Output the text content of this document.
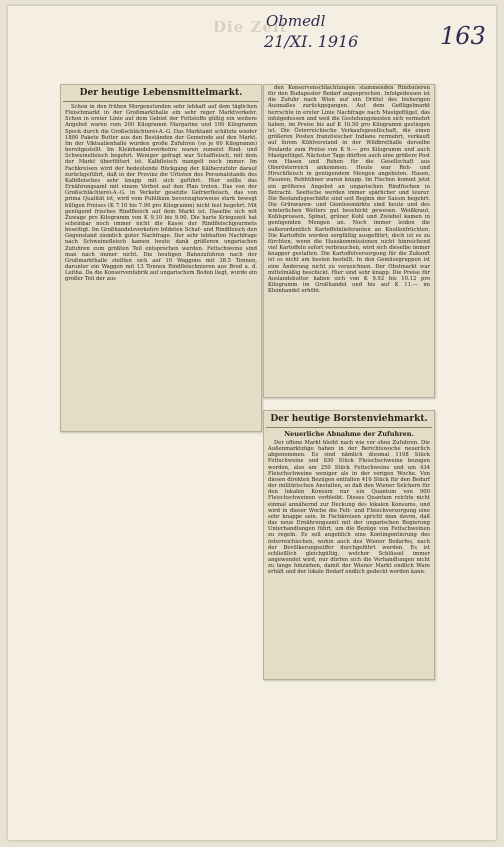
Die Zeit
Obmedl
21/XI. 1916	163
Der heutige Lebensmittelmarkt.

Schon in den frühen Morgenstunden sehr lebhaft auf dem täglichen Fleischmarkt in der Großmarkthalle ein sehr reger Marktverkehr. Schon in erster Linie auf dem Gebiet der Fettstoffe gültig ein weitere Angebot waren rum 200 Kilogramm Margarine und 100 Kilogramm Speck durch die Großschlächterei-A.-G. Das Marktamt schätzte wieder 1800 Pakete Butter aus den Beständen der Gemeinde auf den Markt. Im der Viktualienhalle wurden große Zufuhren (so je 60 Kilogramm) bereitgestellt. Im Kleinhandelsverkehre waren zumeist Rind- und Schweinefleisch begehrt. Weniger gefragt war Schaffleisch, mit dem der Markt überfüttert ist. Kalbfleisch mangelt noch immer. Im Fachkreisen wird der bedeutende Rückgang der Kälberzufuhr darauf zurückgeführt, daß in der Provinz die Urlisten des Personalstands des Kalbfleisches sehr knapp mit sich geführt. Hier sollte das Ernährungsamt mit einem Verbot auf den Plan treten. Das von der Großschlächterei-A.-G. in Verkehr gesetzte Gefrierfleisch, das von prima Qualität ist, wird vom Publikum bevorzugterweise stark bewegt billigen Preises (K 7.10 bis 7.90 pro Kilogramm) nicht fest begehrt. Mit genügend frisches Rindfleisch auf dem Markt ist. Daselbe sich mit Zuwage pro Kilogramm von K 9.10 bis 9.90. Die harte Kriegszeit hat scheinbar noch immer nicht die Kasse der Rindfleischgourmets beseitigt. Im Großhandelsverkehre bildeten Schaf- und Rindfleisch den Gegenstand ziemlich guter Nachfrage. Der sehr lebhaften Nachfrage nach Schweinefleisch kamen heute dank größeren ungarischen Zufuhren zum größten Teil entsprochen werden. Fettschweine sind man nach immer nicht. Die heutigen Bahnzufuhren nach der Großmarkthalle stellten sich auf 10 Waggons mit 38.5 Tonnen, darunter ein Waggon mit 13 Tonnen Rindfleischnieren aus Brod a. d. Leitha. Da die Konservenfabrik auf ungarischem Boden liegt, wurde ein großer Teil der aus

den Konservenschlachtungen stammenden Rindsnieren für den Budapester Bedarf angesprochen. Infolgedessen ist die Zufuhr nach Wien auf ein Drittel des bisherigen Ausmaßes zurückgegangen. Auf dem Geflügelmarkt herrschte in erster Linie Nachfrage nach Mastgeflügel, das infolgedessen und weil die Gestehungskosten sich vermehrt haben, im Preise bis auf K 10.50 pro Kilogramm gestiegen ist. Die Österreichische Verkaufsgesellschaft, die einen größeren Posten französischer Indiane rermehrt, verkauft auf ihrem Kühlverstand in der Wildbrethalle derselbe Poularde zum Preise von K 9.— pro Kilogramm und auch Mastgeflügel. Nächster Tage dürften auch eine größere Post von Hasen und Rehen für die Gesellschaft aus Oberösterreich ankommen. Heute war Reh- und Hirschfleisch in genügendem Mengen angeboten. Hasen, Fasanen, Rebhühner waren knapp. Im Fischen kommt jetzt ein größeres Angebot an ungarischen Rindfischen in Betracht. Seefische werden immer spärlicher und teurer. Die Bestandsgeschäfte sind seit Beginn der Saison begehrt. Die Grünwaren- und Gemüsemärkte sind heute und des winterlichen Wetters gut beschickt gewesen. Weißkraut, Kohlsprossen, Spinat, grüner Kohl und Zwiebel kamen in genügenden Mengen an. Noch immer leiden die außerordentlich Kartoffelnlieferanten an Knollenfrüchten. Die Kartoffeln werden sorgfältig ausgeführt, doch ist es zu fürchten, wenn die Hauskommissionen nicht hinreichend viel Kartoffeln sofort verbrauchen, wird sich dieselbe immer knapper gestalten. Die Kartoffelversorgung für die Zukunft ist es nicht am besten bestellt. In den Gemüsegruppen ist eine Änderung nicht zu verzeichnen. Der Obstmarkt war mittelmäßig beschickt. Hier sind sehr knapp. Die Preise für Auslandsbutter haben sich von K 9.92 bis 10.12 pro Kilogramm im Großhandel und bis auf K 11.— im Kleinhandel erhöht.

Der heutige Borstenviehmarkt.
Neuerliche Abnahme der Zufuhren.

Der offene Markt bleibt nach wie vor ohne Zufuhren. Die Außenmarktzüge haben in der Berichtswoche neuerlich abgenommen. Es sind nämlich diesmal 1198 Stück Fettschweine und 830 Stück Fleischschweine bezogen worden, also um 250 Stück Fettschweine und um 434 Fleischschweine weniger als in der vorigen Woche. Von diesen direkten Bezügen entfallen 416 Stück für den Bedarf der militärischen Anstalten, so daß den Wiener Selchern für den lokalen Konsum nur ein Quantum von 900 Fleischschweinen verbleibt. Dieses Quantum reichte nicht einmal annähernd zur Deckung des lokalen Konsums, und wird in dieser Woche die Fett- und Fleischversorgung eine sehr knappe sein. In Fachkreisen spricht man davon, daß das neue Ernährungsamt mit der ungarischen Regierung Unterhandlungen führt, um die Bezüge von Fettschweinen zu regeln. Es soll angeblich eine Kontingentierung des österreichischen, wohin auch des Wiener Bedarfes, nach der Bevölkerungsziffer durchgeführt werden. Es ist schließlich gleichgültig, welcher Schlüssel immer angewendet wird, nur dürfen sich die Verhandlungen nicht zu lange hinziehen, damit der Wiener Markt endlich Ware erhält und der lokale Bedarf endlich gedeckt werden kann.
